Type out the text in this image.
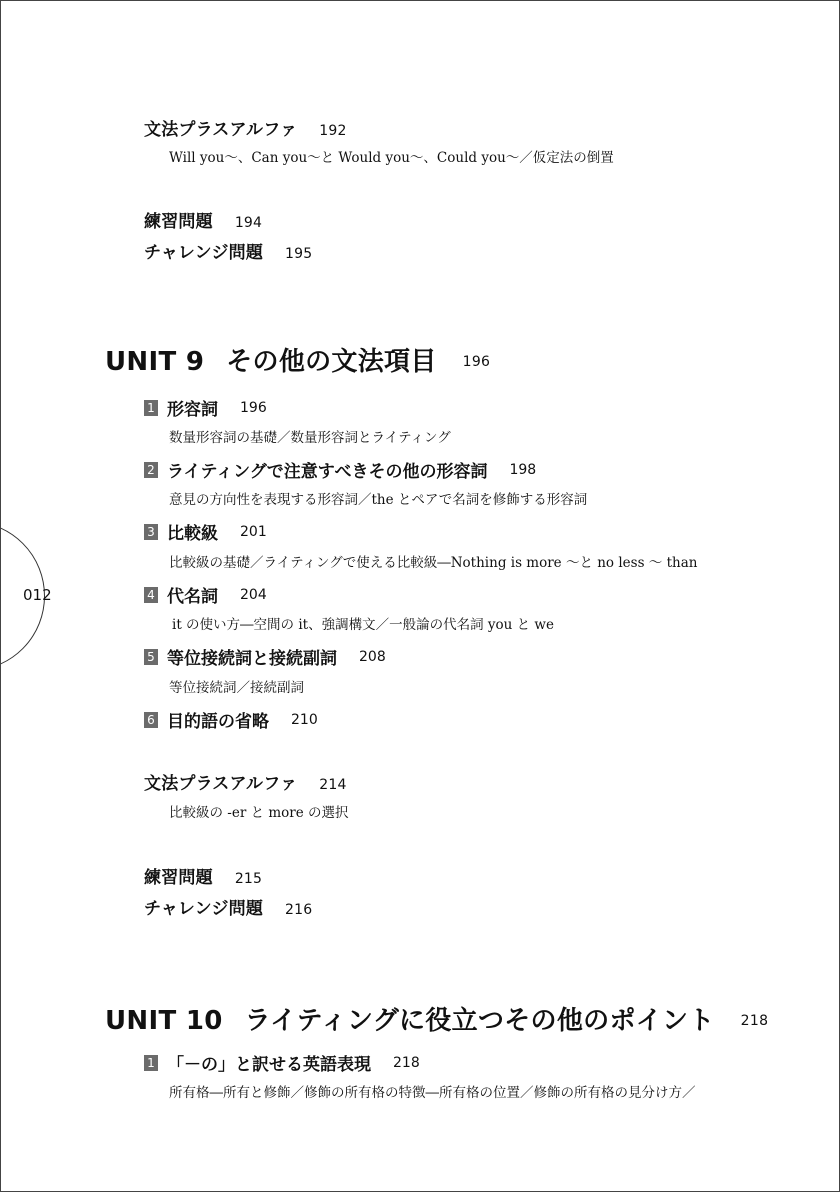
012
文法プラスアルファ 192
Will you～、Can you～と Would you～、Could you～／仮定法の倒置
練習問題 194
チャレンジ問題 195
UNIT 9 その他の文法項目 196
1 形容詞 196
数量形容詞の基礎／数量形容詞とライティング
2 ライティングで注意すべきその他の形容詞 198
意見の方向性を表現する形容詞／the とペアで名詞を修飾する形容詞
3 比較級 201
比較級の基礎／ライティングで使える比較級―Nothing is more ～と no less ～ than
4 代名詞 204
it の使い方―空間の it、強調構文／一般論の代名詞 you と we
5 等位接続詞と接続副詞 208
等位接続詞／接続副詞
6 目的語の省略 210
文法プラスアルファ 214
比較級の -er と more の選択
練習問題 215
チャレンジ問題 216
UNIT 10 ライティングに役立つその他のポイント 218
1 「－の」と訳せる英語表現 218
所有格―所有と修飾／修飾の所有格の特徴―所有格の位置／修飾の所有格の見分け方／
